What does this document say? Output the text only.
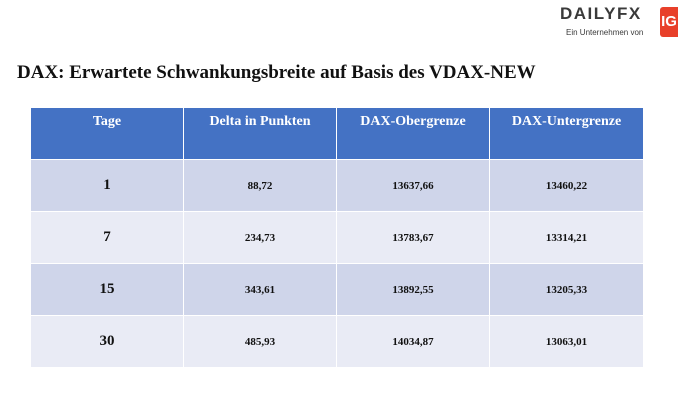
DAILYFX
Ein Unternehmen von
IG
DAX: Erwartete Schwankungsbreite auf Basis des VDAX-NEW
Tage	Delta in Punkten	DAX-Obergrenze	DAX-Untergrenze
1	88,72	13637,66	13460,22
7	234,73	13783,67	13314,21
15	343,61	13892,55	13205,33
30	485,93	14034,87	13063,01
